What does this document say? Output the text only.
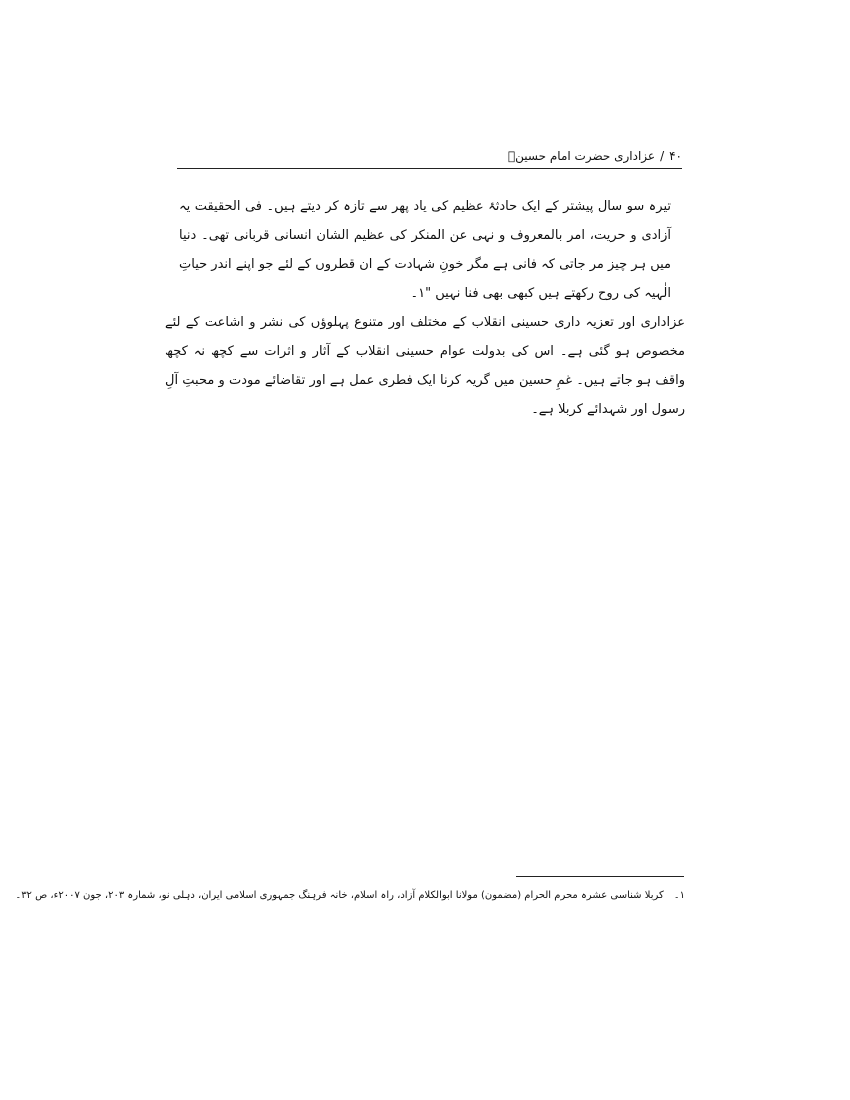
۴۰/عزاداری حضرت امام حسینؑ

تیرہ سو سال پیشتر کے ایک حادثۂ عظیم کی یاد پھر سے تازہ کر دیتے ہیں۔ فی الحقیقت یہ آزادی و حریت، امر بالمعروف و نہی عن المنکر کی عظیم الشان انسانی قربانی تھی۔ دنیا میں ہر چیز مر جاتی کہ فانی ہے مگر خونِ شہادت کے ان قطروں کے لئے جو اپنے اندر حیاتِ الٰہیہ کی روح رکھتے ہیں کبھی بھی فنا نہیں "۱۔

عزاداری اور تعزیہ داری حسینی انقلاب کے مختلف اور متنوع پہلوؤں کی نشر و اشاعت کے لئے مخصوص ہو گئی ہے۔ اس کی بدولت عوام حسینی انقلاب کے آثار و اثرات سے کچھ نہ کچھ واقف ہو جاتے ہیں۔ غمِ حسین میں گریہ کرنا ایک فطری عمل ہے اور تقاضائے مودت و محبتِ آلِ رسول اور شہدائے کربلا ہے۔

۱۔کربلا شناسی عشرہ محرم الحرام (مضمون) مولانا ابوالکلام آزاد، راہ اسلام، خانہ فرہنگ جمہوری اسلامی ایران، دہلی نو، شمارہ ۲۰۳، جون ۲۰۰۷ء، ص ۳۲۔
